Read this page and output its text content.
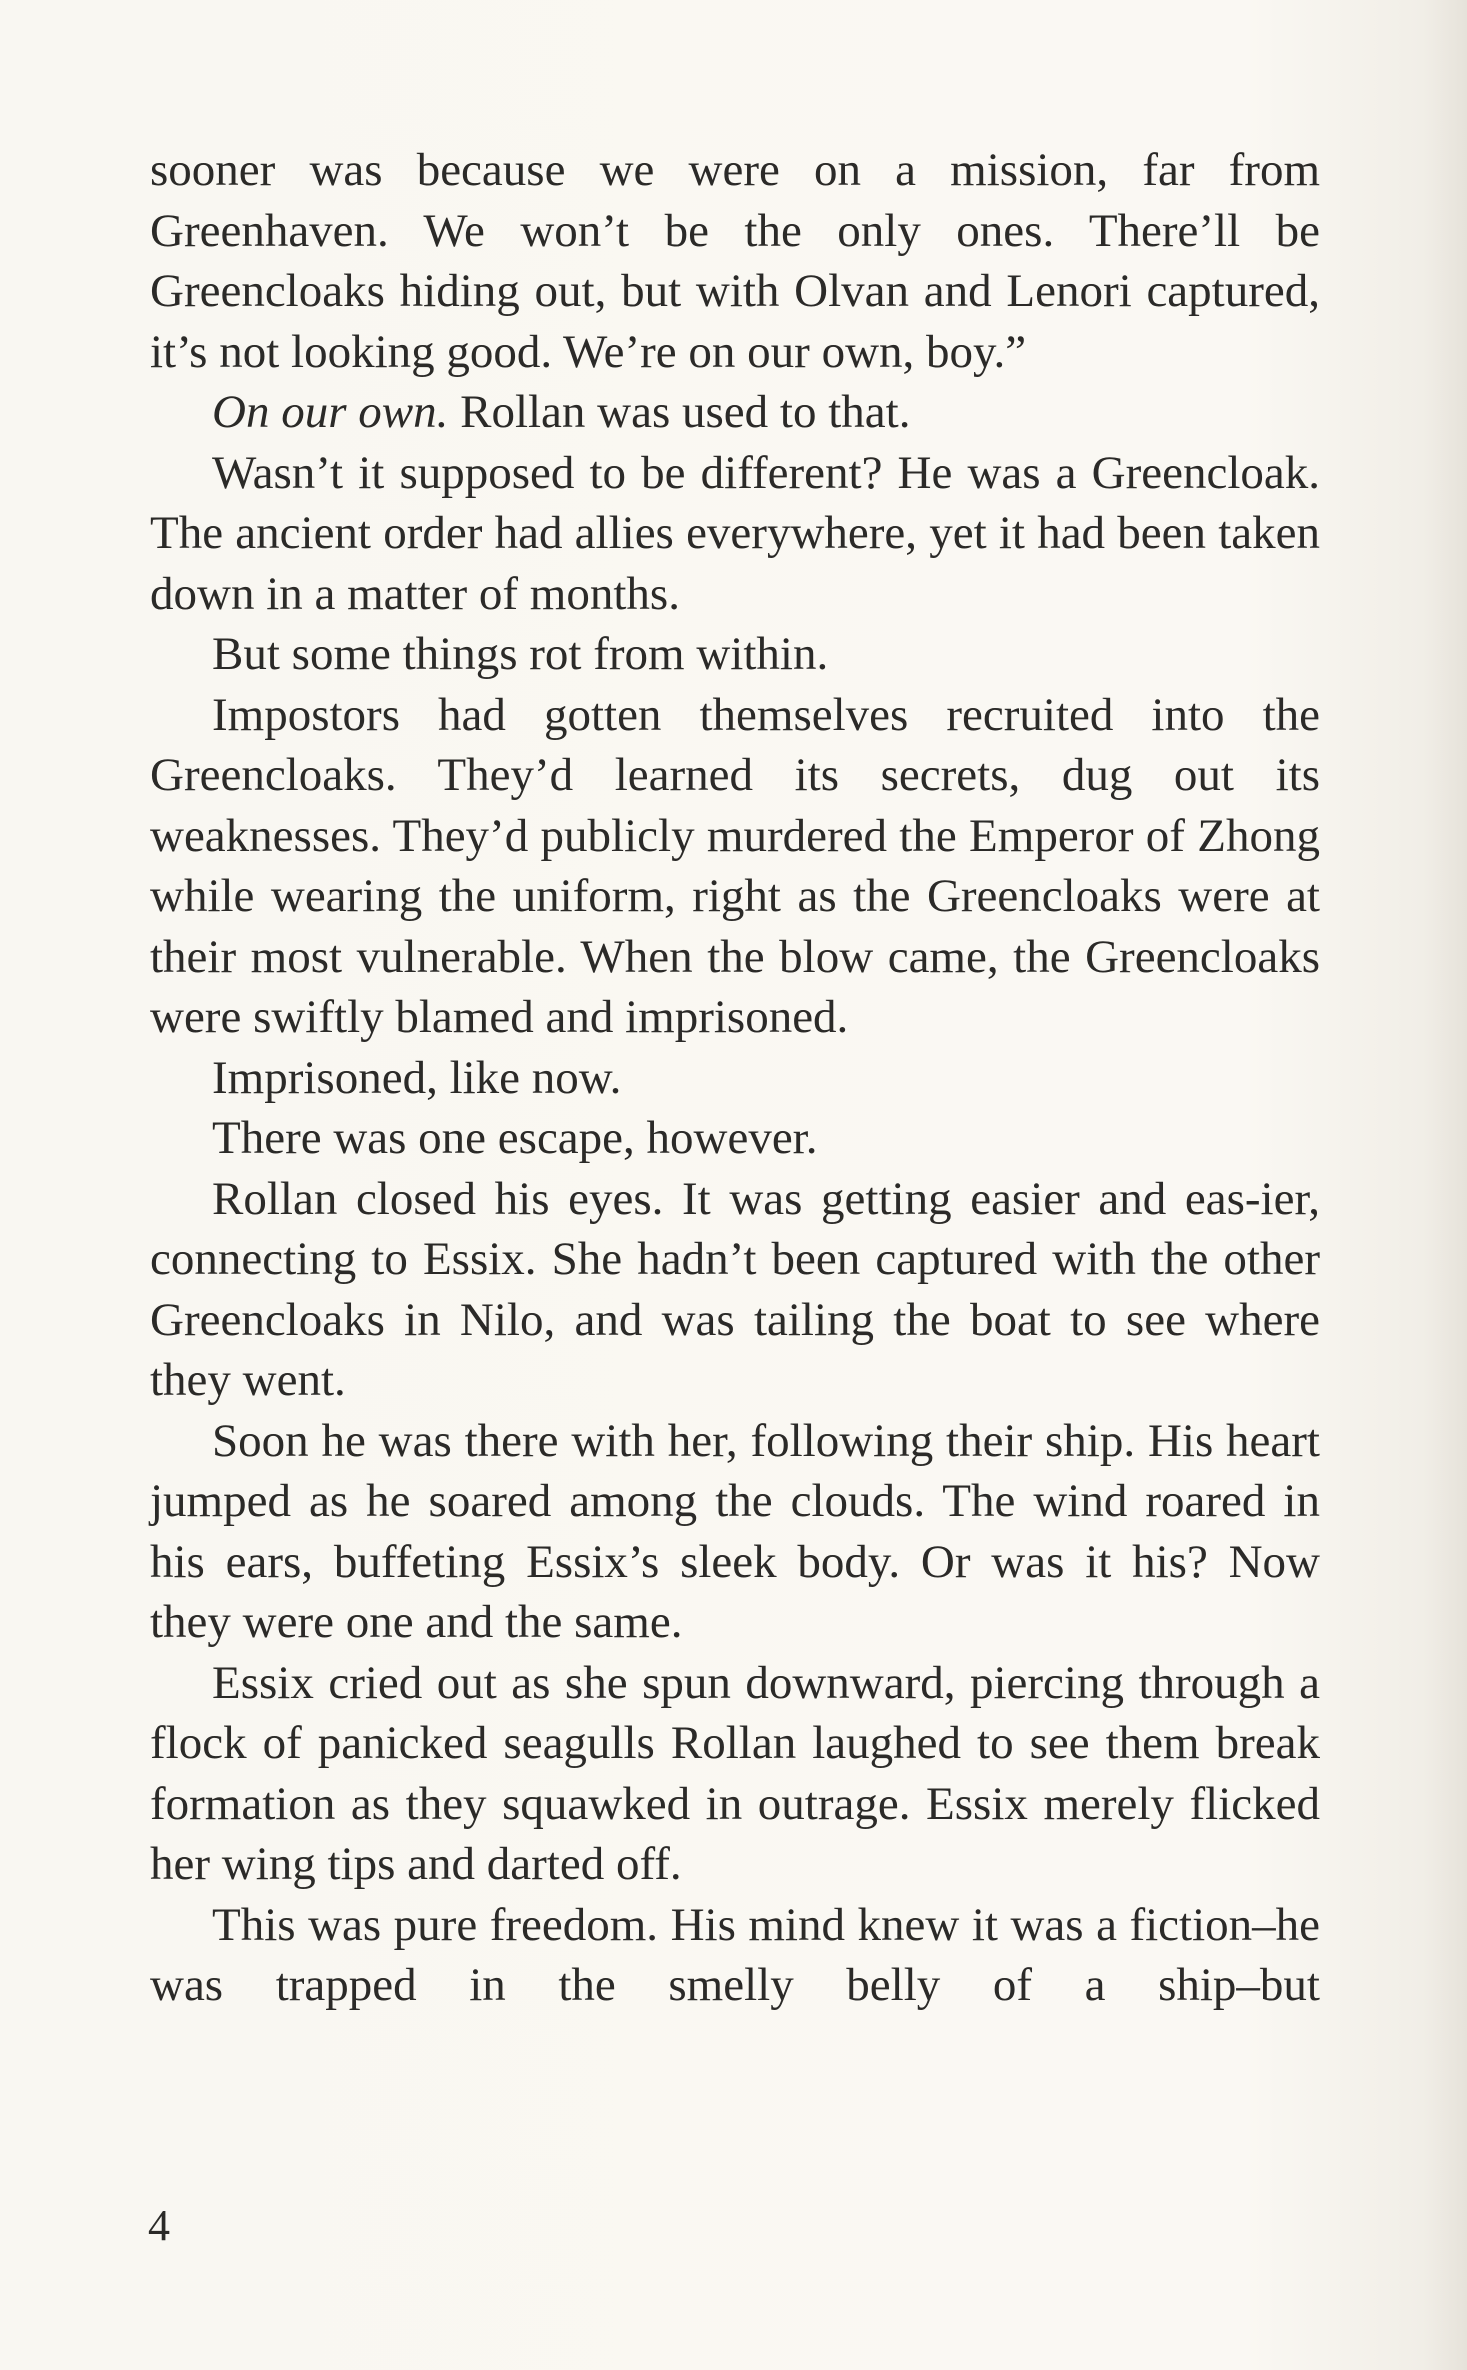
sooner was because we were on a mission, far from Greenhaven. We won’t be the only ones. There’ll be Greencloaks hiding out, but with Olvan and Lenori captured, it’s not looking good. We’re on our own, boy.”

On our own. Rollan was used to that.

Wasn’t it supposed to be different? He was a Greencloak. The ancient order had allies everywhere, yet it had been taken down in a matter of months.

But some things rot from within.

Impostors had gotten themselves recruited into the Greencloaks. They’d learned its secrets, dug out its weaknesses. They’d publicly murdered the Emperor of Zhong while wearing the uniform, right as the Greencloaks were at their most vulnerable. When the blow came, the Greencloaks were swiftly blamed and imprisoned.

Imprisoned, like now.

There was one escape, however.

Rollan closed his eyes. It was getting easier and eas-ier, connecting to Essix. She hadn’t been captured with the other Greencloaks in Nilo, and was tailing the boat to see where they went.

Soon he was there with her, following their ship. His heart jumped as he soared among the clouds. The wind roared in his ears, buffeting Essix’s sleek body. Or was it his? Now they were one and the same.

Essix cried out as she spun downward, piercing through a flock of panicked seagulls Rollan laughed to see them break formation as they squawked in outrage. Essix merely flicked her wing tips and darted off.

This was pure freedom. His mind knew it was a fiction–he was trapped in the smelly belly of a ship–but

4
